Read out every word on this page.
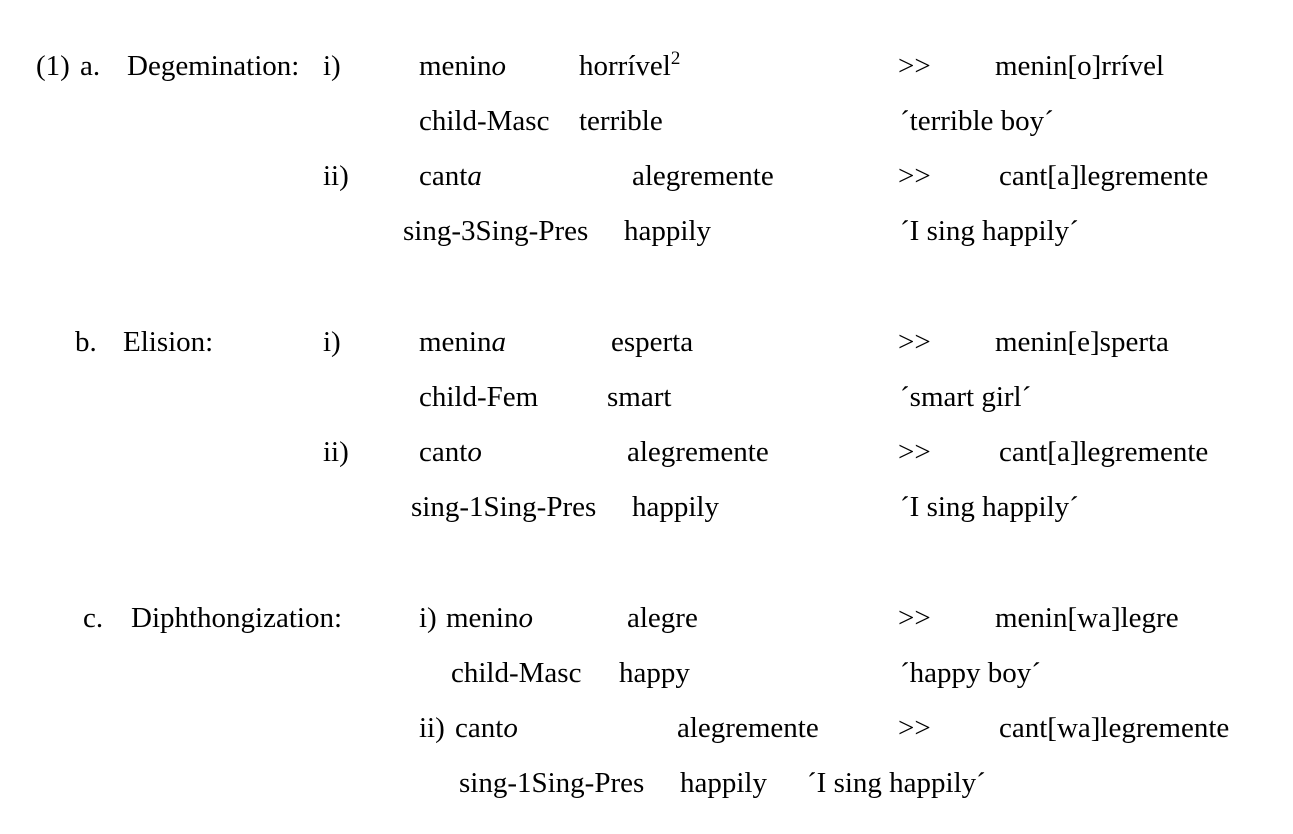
(1) a. Degemination: i)	menino	horrível$^2$	>> menin[o]rrível
child-Masc terrible	´terrible boy´
ii) canta	alegremente	>> cant[a]legremente
sing-3Sing-Pres happily	´I sing happily´
b. Elision:	i)	menina	esperta	>> menin[e]sperta
child-Fem smart	´smart girl´
ii) canto	alegremente	>> cant[a]legremente
sing-1Sing-Pres happily	´I sing happily´
c. Diphthongization:	i) menino	alegre	>> menin[wa]legre
child-Masc happy	´happy boy´
ii) canto	alegremente	>> cant[wa]legremente
sing-1Sing-Pres happily ´I sing happily´
